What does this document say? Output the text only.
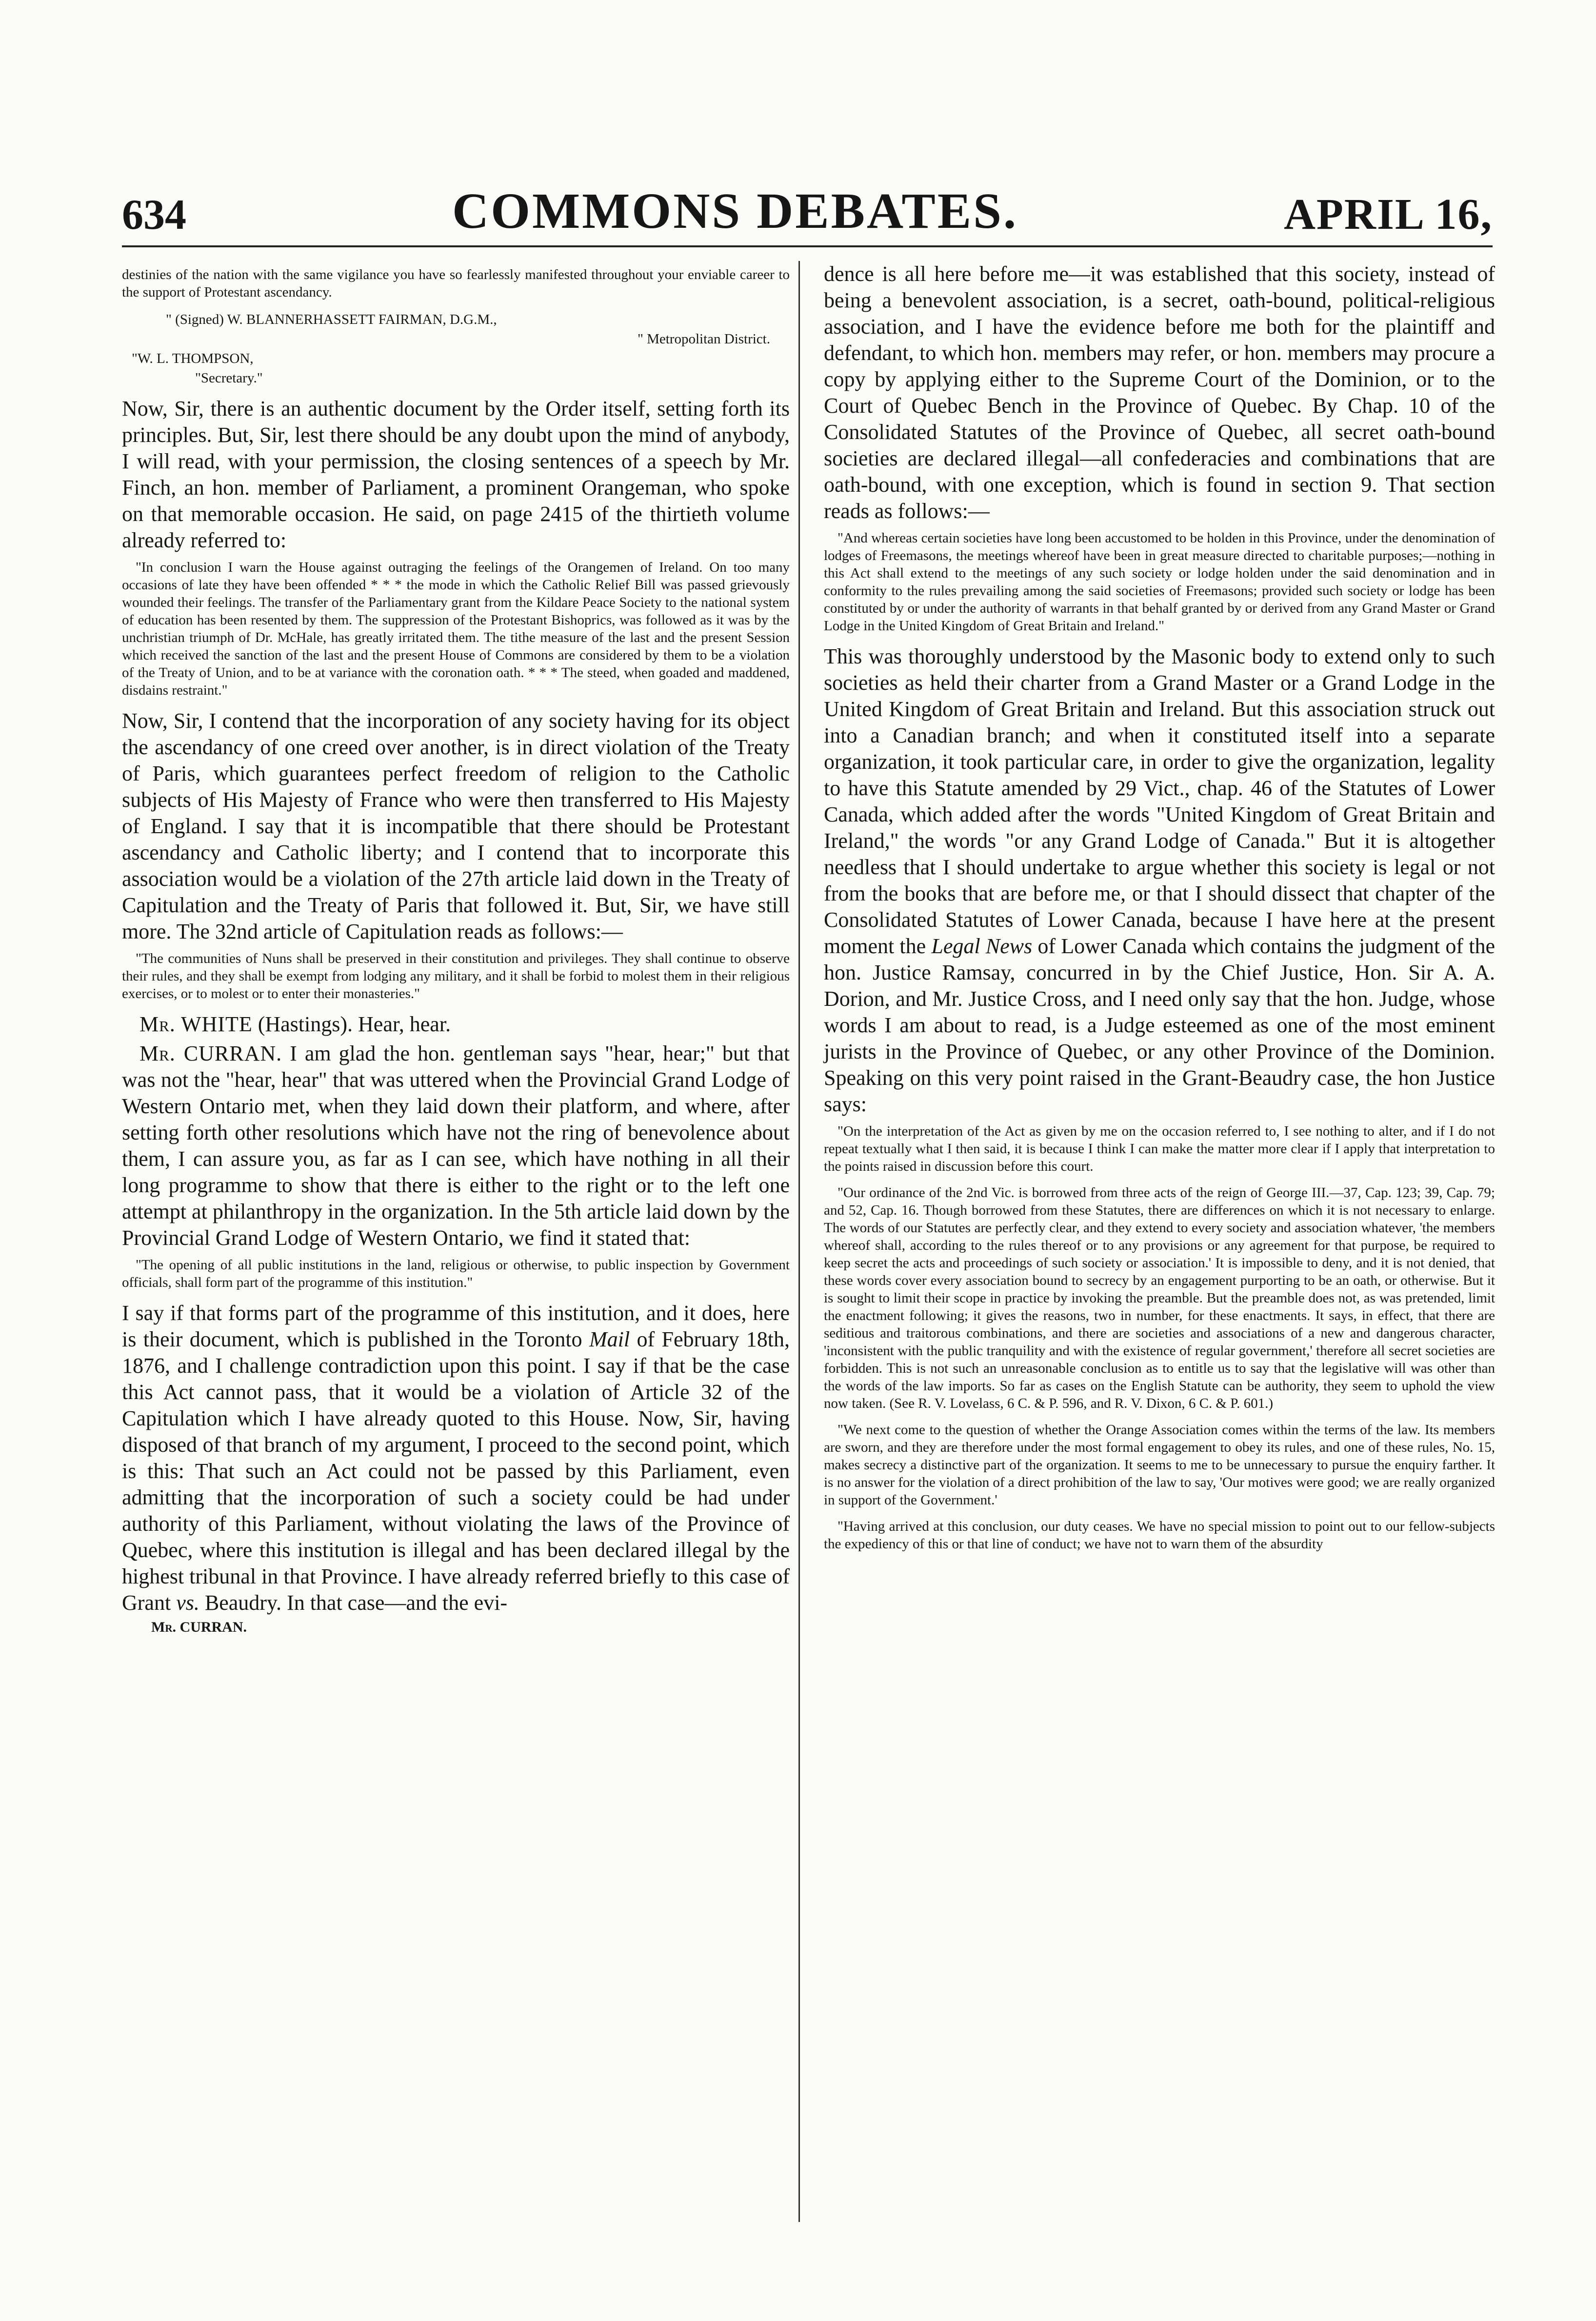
634	COMMONS DEBATES.	APRIL 16,

destinies of the nation with the same vigilance you have so fearlessly manifested throughout your enviable career to the support of Protestant ascendancy.

" (Signed) W. BLANNERHASSETT FAIRMAN, D.G.M.,
" Metropolitan District.
"W. L. THOMPSON,
"Secretary."

Now, Sir, there is an authentic document by the Order itself, setting forth its principles. But, Sir, lest there should be any doubt upon the mind of anybody, I will read, with your permission, the closing sentences of a speech by Mr. Finch, an hon. member of Parliament, a prominent Orangeman, who spoke on that memorable occasion. He said, on page 2415 of the thirtieth volume already referred to:

"In conclusion I warn the House against outraging the feelings of the Orangemen of Ireland. On too many occasions of late they have been offended * * * the mode in which the Catholic Relief Bill was passed grievously wounded their feelings. The transfer of the Parliamentary grant from the Kildare Peace Society to the national system of education has been resented by them. The suppression of the Protestant Bishoprics, was followed as it was by the unchristian triumph of Dr. McHale, has greatly irritated them. The tithe measure of the last and the present Session which received the sanction of the last and the present House of Commons are considered by them to be a violation of the Treaty of Union, and to be at variance with the coronation oath. * * * The steed, when goaded and maddened, disdains restraint."

Now, Sir, I contend that the incorporation of any society having for its object the ascendancy of one creed over another, is in direct violation of the Treaty of Paris, which guarantees perfect freedom of religion to the Catholic subjects of His Majesty of France who were then transferred to His Majesty of England. I say that it is incompatible that there should be Protestant ascendancy and Catholic liberty; and I contend that to incorporate this association would be a violation of the 27th article laid down in the Treaty of Capitulation and the Treaty of Paris that followed it. But, Sir, we have still more. The 32nd article of Capitulation reads as follows:—

"The communities of Nuns shall be preserved in their constitution and privileges. They shall continue to observe their rules, and they shall be exempt from lodging any military, and it shall be forbid to molest them in their religious exercises, or to molest or to enter their monasteries."

Mr. WHITE (Hastings). Hear, hear.

Mr. CURRAN. I am glad the hon. gentleman says "hear, hear;" but that was not the "hear, hear" that was uttered when the Provincial Grand Lodge of Western Ontario met, when they laid down their platform, and where, after setting forth other resolutions which have not the ring of benevolence about them, I can assure you, as far as I can see, which have nothing in all their long programme to show that there is either to the right or to the left one attempt at philanthropy in the organization. In the 5th article laid down by the Provincial Grand Lodge of Western Ontario, we find it stated that:

"The opening of all public institutions in the land, religious or otherwise, to public inspection by Government officials, shall form part of the programme of this institution."

I say if that forms part of the programme of this institution, and it does, here is their document, which is published in the Toronto Mail of February 18th, 1876, and I challenge contradiction upon this point. I say if that be the case this Act cannot pass, that it would be a violation of Article 32 of the Capitulation which I have already quoted to this House. Now, Sir, having disposed of that branch of my argument, I proceed to the second point, which is this: That such an Act could not be passed by this Parliament, even admitting that the incorporation of such a society could be had under authority of this Parliament, without violating the laws of the Province of Quebec, where this institution is illegal and has been declared illegal by the highest tribunal in that Province. I have already referred briefly to this case of Grant vs. Beaudry. In that case—and the evi-

Mr. CURRAN.

dence is all here before me—it was established that this society, instead of being a benevolent association, is a secret, oath-bound, political-religious association, and I have the evidence before me both for the plaintiff and defendant, to which hon. members may refer, or hon. members may procure a copy by applying either to the Supreme Court of the Dominion, or to the Court of Quebec Bench in the Province of Quebec. By Chap. 10 of the Consolidated Statutes of the Province of Quebec, all secret oath-bound societies are declared illegal—all confederacies and combinations that are oath-bound, with one exception, which is found in section 9. That section reads as follows:—

"And whereas certain societies have long been accustomed to be holden in this Province, under the denomination of lodges of Freemasons, the meetings whereof have been in great measure directed to charitable purposes;—nothing in this Act shall extend to the meetings of any such society or lodge holden under the said denomination and in conformity to the rules prevailing among the said societies of Freemasons; provided such society or lodge has been constituted by or under the authority of warrants in that behalf granted by or derived from any Grand Master or Grand Lodge in the United Kingdom of Great Britain and Ireland."

This was thoroughly understood by the Masonic body to extend only to such societies as held their charter from a Grand Master or a Grand Lodge in the United Kingdom of Great Britain and Ireland. But this association struck out into a Canadian branch; and when it constituted itself into a separate organization, it took particular care, in order to give the organization, legality to have this Statute amended by 29 Vict., chap. 46 of the Statutes of Lower Canada, which added after the words "United Kingdom of Great Britain and Ireland," the words "or any Grand Lodge of Canada." But it is altogether needless that I should undertake to argue whether this society is legal or not from the books that are before me, or that I should dissect that chapter of the Consolidated Statutes of Lower Canada, because I have here at the present moment the Legal News of Lower Canada which contains the judgment of the hon. Justice Ramsay, concurred in by the Chief Justice, Hon. Sir A. A. Dorion, and Mr. Justice Cross, and I need only say that the hon. Judge, whose words I am about to read, is a Judge esteemed as one of the most eminent jurists in the Province of Quebec, or any other Province of the Dominion. Speaking on this very point raised in the Grant-Beaudry case, the hon Justice says:

"On the interpretation of the Act as given by me on the occasion referred to, I see nothing to alter, and if I do not repeat textually what I then said, it is because I think I can make the matter more clear if I apply that interpretation to the points raised in discussion before this court.

"Our ordinance of the 2nd Vic. is borrowed from three acts of the reign of George III.—37, Cap. 123; 39, Cap. 79; and 52, Cap. 16. Though borrowed from these Statutes, there are differences on which it is not necessary to enlarge. The words of our Statutes are perfectly clear, and they extend to every society and association whatever, 'the members whereof shall, according to the rules thereof or to any provisions or any agreement for that purpose, be required to keep secret the acts and proceedings of such society or association.' It is impossible to deny, and it is not denied, that these words cover every association bound to secrecy by an engagement purporting to be an oath, or otherwise. But it is sought to limit their scope in practice by invoking the preamble. But the preamble does not, as was pretended, limit the enactment following; it gives the reasons, two in number, for these enactments. It says, in effect, that there are seditious and traitorous combinations, and there are societies and associations of a new and dangerous character, 'inconsistent with the public tranquility and with the existence of regular government,' therefore all secret societies are forbidden. This is not such an unreasonable conclusion as to entitle us to say that the legislative will was other than the words of the law imports. So far as cases on the English Statute can be authority, they seem to uphold the view now taken. (See R. V. Lovelass, 6 C. & P. 596, and R. V. Dixon, 6 C. & P. 601.)

"We next come to the question of whether the Orange Association comes within the terms of the law. Its members are sworn, and they are therefore under the most formal engagement to obey its rules, and one of these rules, No. 15, makes secrecy a distinctive part of the organization. It seems to me to be unnecessary to pursue the enquiry farther. It is no answer for the violation of a direct prohibition of the law to say, 'Our motives were good; we are really organized in support of the Government.'

"Having arrived at this conclusion, our duty ceases. We have no special mission to point out to our fellow-subjects the expediency of this or that line of conduct; we have not to warn them of the absurdity
